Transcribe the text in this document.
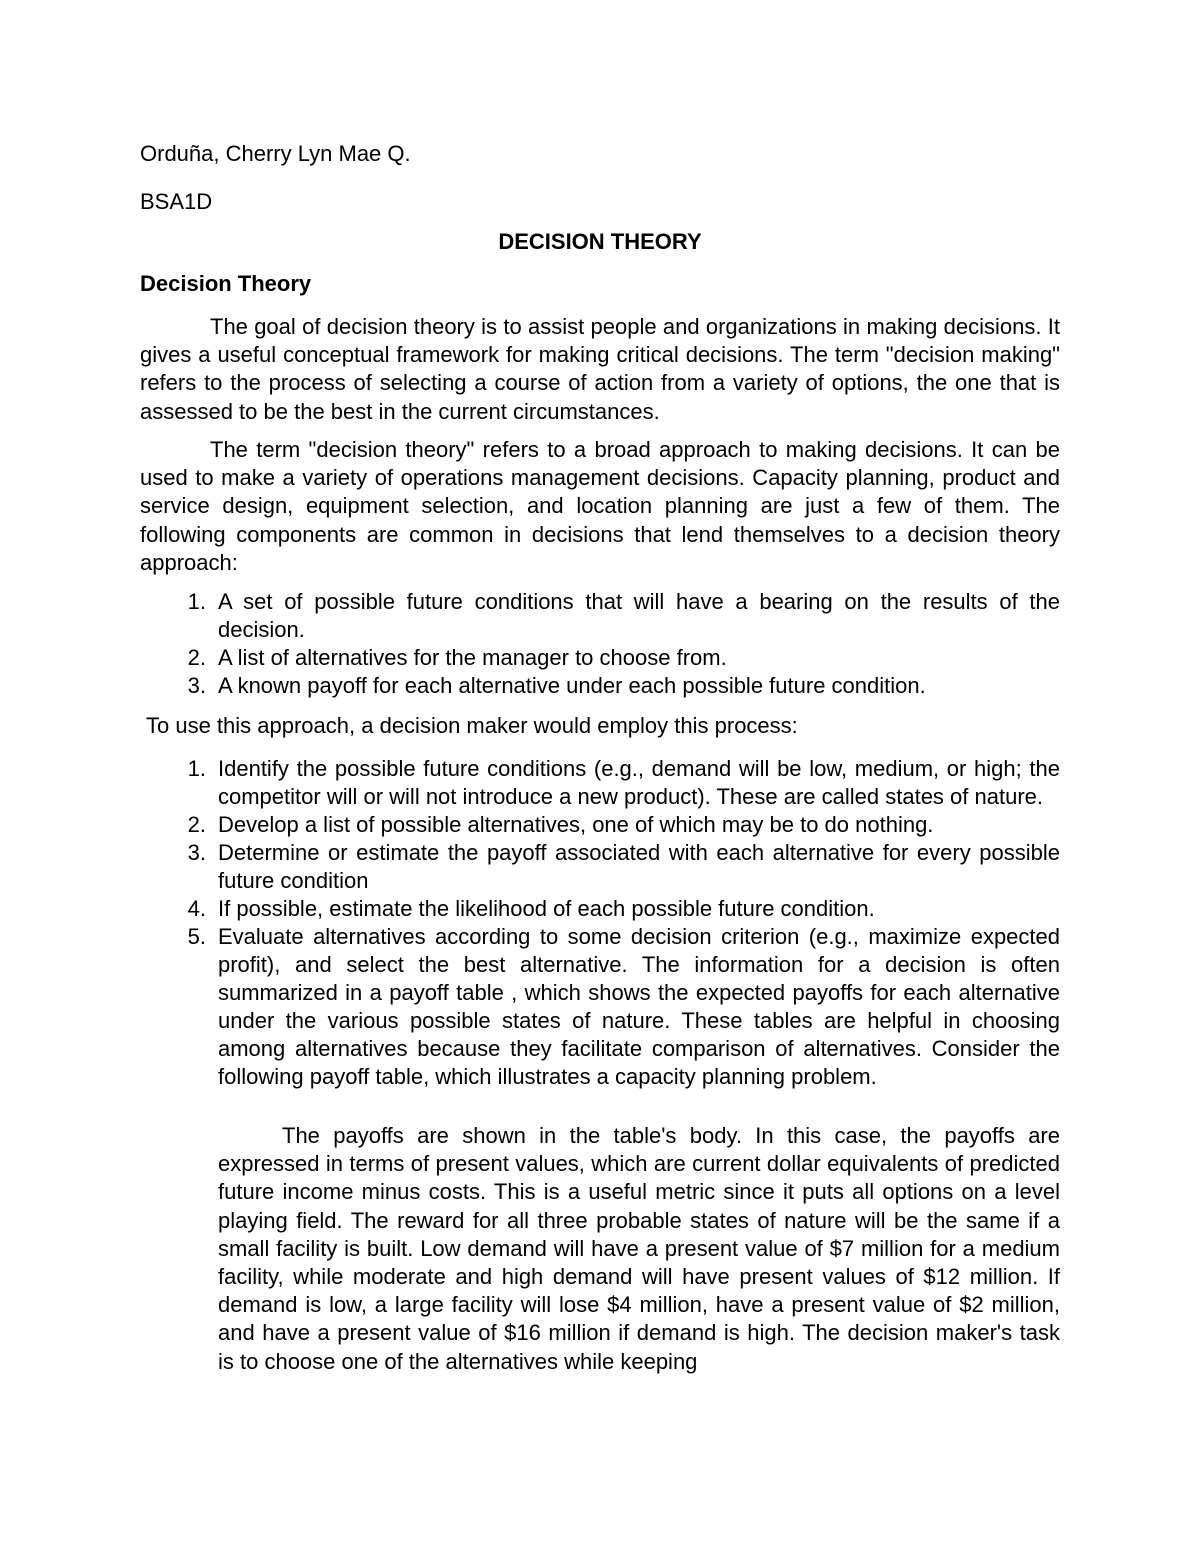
Orduña, Cherry Lyn Mae Q.

BSA1D

DECISION THEORY

Decision Theory

The goal of decision theory is to assist people and organizations in making decisions. It gives a useful conceptual framework for making critical decisions. The term "decision making" refers to the process of selecting a course of action from a variety of options, the one that is assessed to be the best in the current circumstances.

The term "decision theory" refers to a broad approach to making decisions. It can be used to make a variety of operations management decisions. Capacity planning, product and service design, equipment selection, and location planning are just a few of them. The following components are common in decisions that lend themselves to a decision theory approach:

1. A set of possible future conditions that will have a bearing on the results of the decision.
2. A list of alternatives for the manager to choose from.
3. A known payoff for each alternative under each possible future condition.

To use this approach, a decision maker would employ this process:

1. Identify the possible future conditions (e.g., demand will be low, medium, or high; the competitor will or will not introduce a new product). These are called states of nature.
2. Develop a list of possible alternatives, one of which may be to do nothing.
3. Determine or estimate the payoff associated with each alternative for every possible future condition
4. If possible, estimate the likelihood of each possible future condition.
5. Evaluate alternatives according to some decision criterion (e.g., maximize expected profit), and select the best alternative. The information for a decision is often summarized in a payoff table , which shows the expected payoffs for each alternative under the various possible states of nature. These tables are helpful in choosing among alternatives because they facilitate comparison of alternatives. Consider the following payoff table, which illustrates a capacity planning problem.

The payoffs are shown in the table's body. In this case, the payoffs are expressed in terms of present values, which are current dollar equivalents of predicted future income minus costs. This is a useful metric since it puts all options on a level playing field. The reward for all three probable states of nature will be the same if a small facility is built. Low demand will have a present value of $7 million for a medium facility, while moderate and high demand will have present values of $12 million. If demand is low, a large facility will lose $4 million, have a present value of $2 million, and have a present value of $16 million if demand is high. The decision maker's task is to choose one of the alternatives while keeping
